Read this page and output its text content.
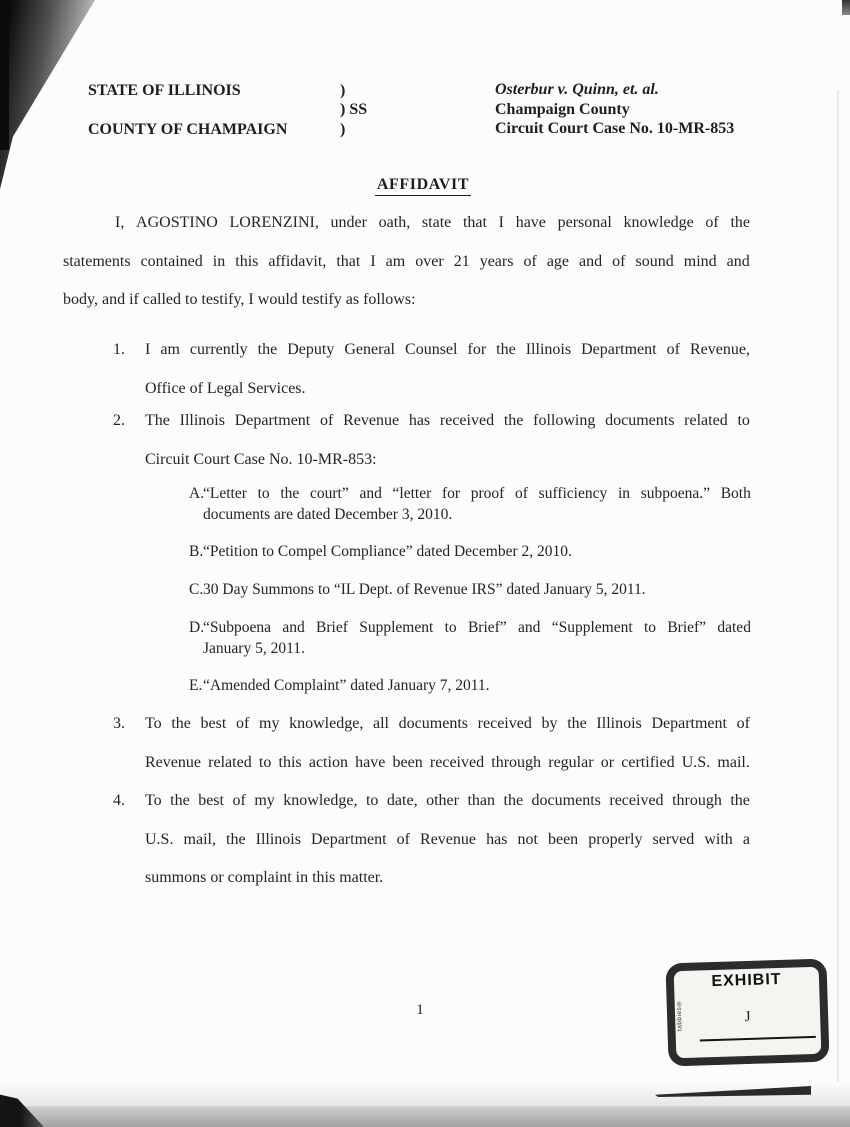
STATE OF ILLINOIS
COUNTY OF CHAMPAIGN
)
) SS
)
Osterbur v. Quinn, et. al.
Champaign County
Circuit Court Case No. 10-MR-853
AFFIDAVIT
I, AGOSTINO LORENZINI, under oath, state that I have personal knowledge of the
statements contained in this affidavit, that I am over 21 years of age and of sound mind and
body, and if called to testify, I would testify as follows:
1. I am currently the Deputy General Counsel for the Illinois Department of Revenue,
Office of Legal Services.
2. The Illinois Department of Revenue has received the following documents related to
Circuit Court Case No. 10-MR-853:
A.
“Letter to the court” and “letter for proof of sufficiency in subpoena.” Both
documents are dated December 3, 2010.
B. “Petition to Compel Compliance” dated December 2, 2010.
C. 30 Day Summons to “IL Dept. of Revenue IRS” dated January 5, 2011.
D.
“Subpoena and Brief Supplement to Brief” and “Supplement to Brief” dated
January 5, 2011.
E. “Amended Complaint” dated January 7, 2011.
3. To the best of my knowledge, all documents received by the Illinois Department of
Revenue related to this action have been received through regular or certified U.S. mail.
4. To the best of my knowledge, to date, other than the documents received through the
U.S. mail, the Illinois Department of Revenue has not been properly served with a
summons or complaint in this matter.
1	tabbies®
EXHIBIT
J
